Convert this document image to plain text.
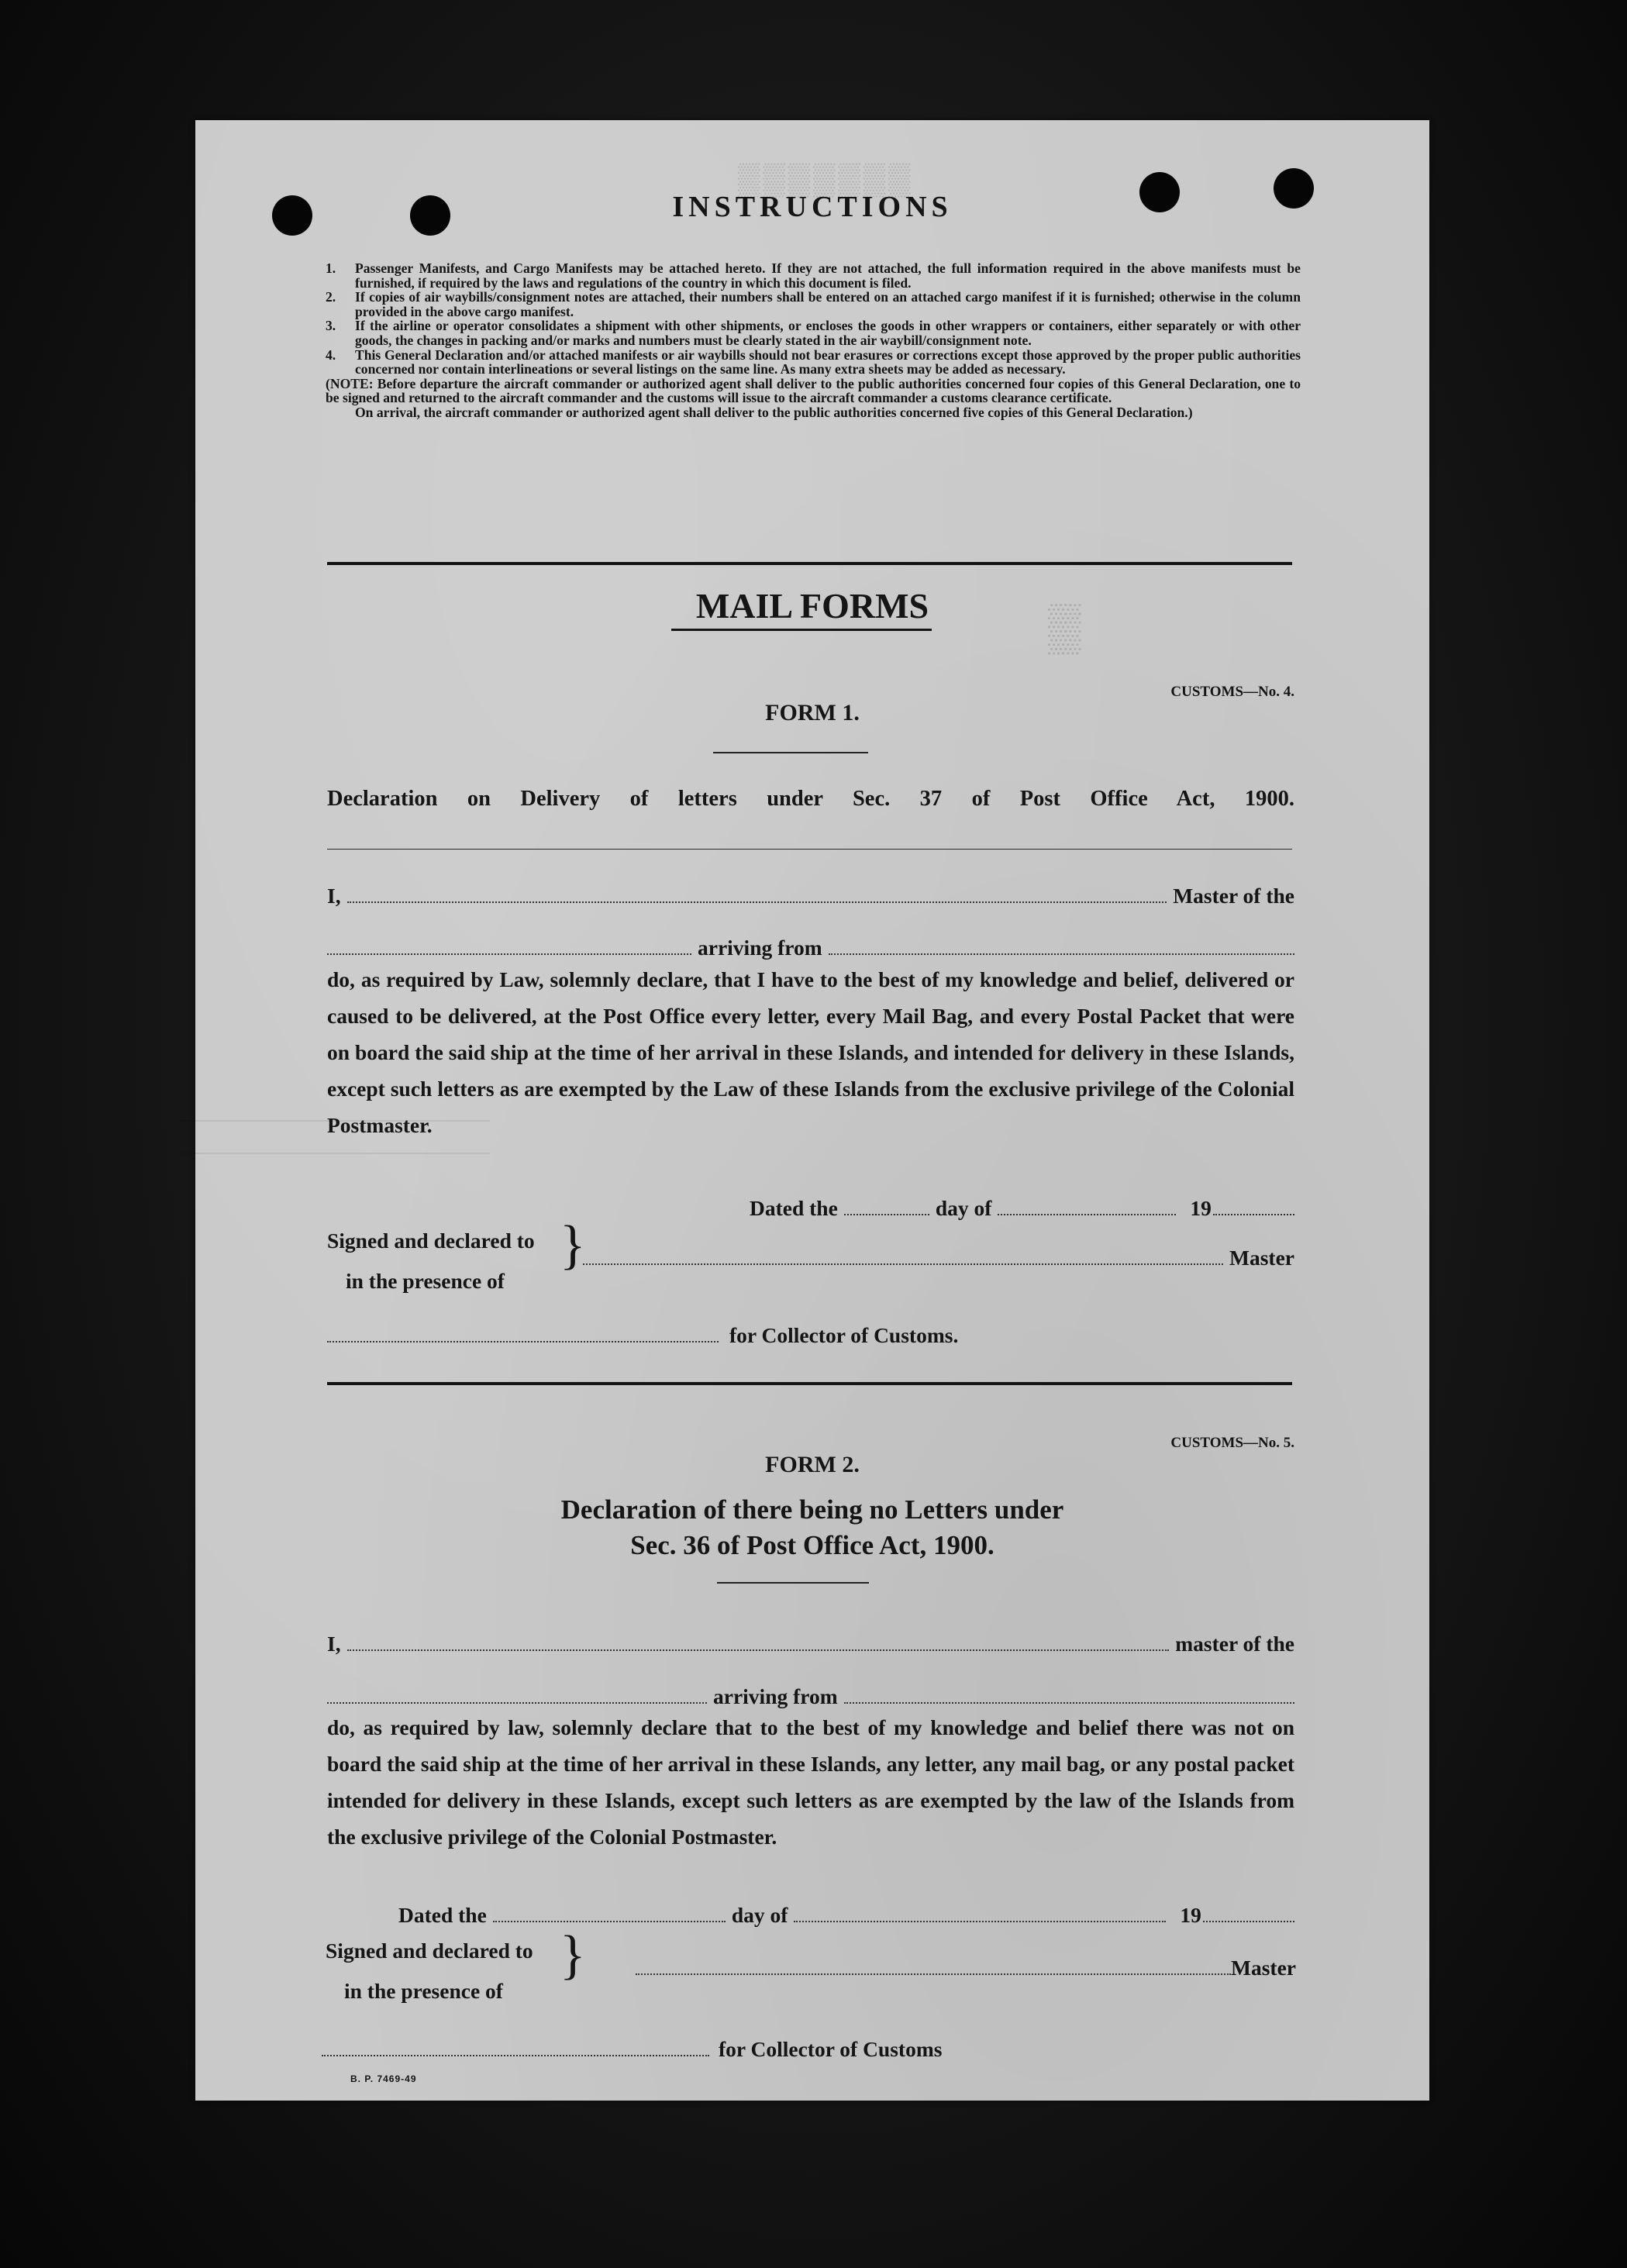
▒▒▒▒▒▒▒
▒
INSTRUCTIONS
1.	Passenger Manifests, and Cargo Manifests may be attached hereto. If they are not attached, the full information required in the above manifests must be furnished, if required by the laws and regulations of the country in which this document is filed.
2.	If copies of air waybills/consignment notes are attached, their numbers shall be entered on an attached cargo manifest if it is furnished; otherwise in the column provided in the above cargo manifest.
3.	If the airline or operator consolidates a shipment with other shipments, or encloses the goods in other wrappers or containers, either separately or with other goods, the changes in packing and/or marks and numbers must be clearly stated in the air waybill/consignment note.
4.	This General Declaration and/or attached manifests or air waybills should not bear erasures or corrections except those approved by the proper public authorities concerned nor contain interlineations or several listings on the same line. As many extra sheets may be added as necessary.
(NOTE: Before departure the aircraft commander or authorized agent shall deliver to the public authorities concerned four copies of this General Declaration, one to be signed and returned to the aircraft commander and the customs will issue to the aircraft commander a customs clearance certificate.
On arrival, the aircraft commander or authorized agent shall deliver to the public authorities concerned five copies of this General Declaration.)
MAIL FORMS
CUSTOMS—No. 4.
FORM 1.
Declaration on Delivery of letters under Sec. 37 of Post Office Act, 1900.
I,	Master of the
arriving from
do, as required by Law, solemnly declare, that I have to the best of my knowledge and belief, delivered or caused to be delivered, at the Post Office every letter, every Mail Bag, and every Postal Packet that were on board the said ship at the time of her arrival in these Islands, and intended for delivery in these Islands, except such letters as are exempted by the Law of these Islands from the exclusive privilege of the Colonial Postmaster.
Dated the	day of	19
Signed and declared to
in the presence of
}	Master
for Collector of Customs.
CUSTOMS—No. 5.
FORM 2.
Declaration of there being no Letters under
Sec. 36 of Post Office Act, 1900.
I,	master of the
arriving from
do, as required by law, solemnly declare that to the best of my knowledge and belief there was not on board the said ship at the time of her arrival in these Islands, any letter, any mail bag, or any postal packet intended for delivery in these Islands, except such letters as are exempted by the law of the Islands from the exclusive privilege of the Colonial Postmaster.
Dated the	day of	19
Signed and declared to
in the presence of
}	Master
for Collector of Customs
B. P. 7469-49
